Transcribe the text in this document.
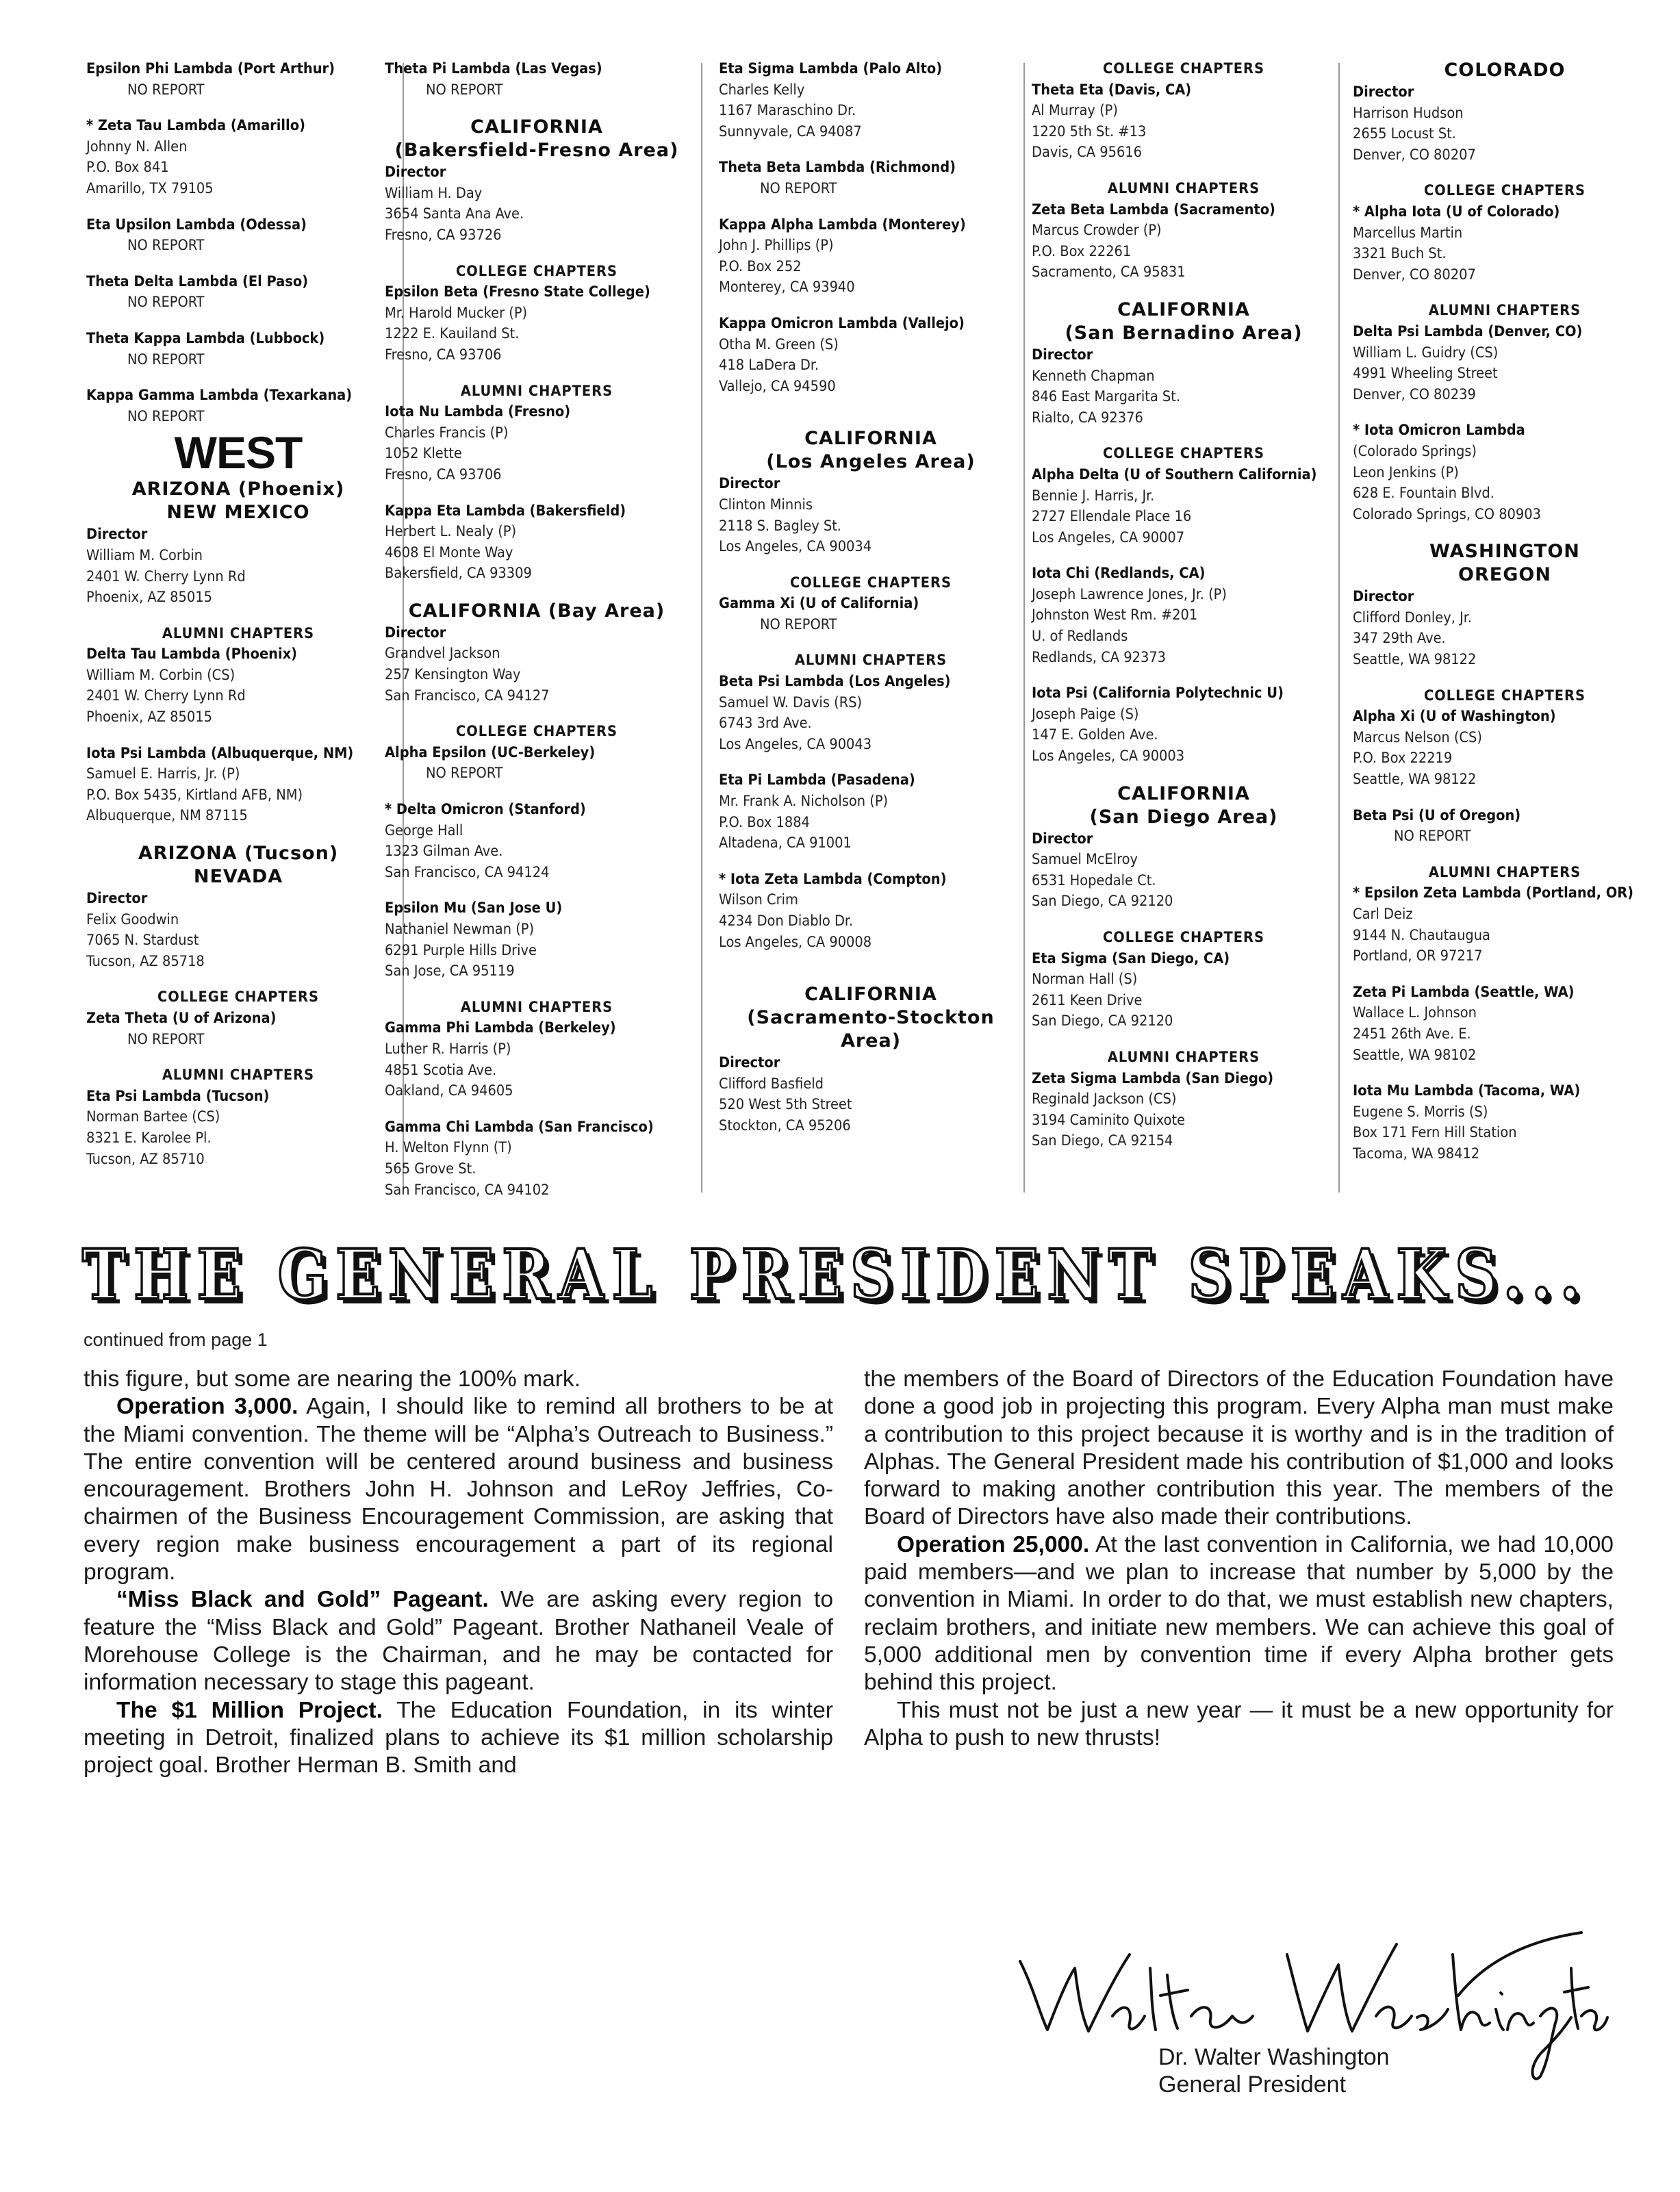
Epsilon Phi Lambda (Port Arthur)
NO REPORT
* Zeta Tau Lambda (Amarillo)
Johnny N. Allen
P.O. Box 841
Amarillo, TX 79105
Eta Upsilon Lambda (Odessa)
NO REPORT
Theta Delta Lambda (El Paso)
NO REPORT
Theta Kappa Lambda (Lubbock)
NO REPORT
Kappa Gamma Lambda (Texarkana)
NO REPORT
WEST
ARIZONA (Phoenix)
NEW MEXICO
Director
William M. Corbin
2401 W. Cherry Lynn Rd
Phoenix, AZ 85015
ALUMNI CHAPTERS
Delta Tau Lambda (Phoenix)
William M. Corbin (CS)
2401 W. Cherry Lynn Rd
Phoenix, AZ 85015
Iota Psi Lambda (Albuquerque, NM)
Samuel E. Harris, Jr. (P)
P.O. Box 5435, Kirtland AFB, NM)
Albuquerque, NM 87115
ARIZONA (Tucson)
NEVADA
Director
Felix Goodwin
7065 N. Stardust
Tucson, AZ 85718
COLLEGE CHAPTERS
Zeta Theta (U of Arizona)
NO REPORT
ALUMNI CHAPTERS
Eta Psi Lambda (Tucson)
Norman Bartee (CS)
8321 E. Karolee Pl.
Tucson, AZ 85710
Theta Pi Lambda (Las Vegas)
NO REPORT
CALIFORNIA
(Bakersfield-Fresno Area)
Director
William H. Day
3654 Santa Ana Ave.
Fresno, CA 93726
COLLEGE CHAPTERS
Epsilon Beta (Fresno State College)
Mr. Harold Mucker (P)
1222 E. Kauiland St.
Fresno, CA 93706
ALUMNI CHAPTERS
Iota Nu Lambda (Fresno)
Charles Francis (P)
1052 Klette
Fresno, CA 93706
Kappa Eta Lambda (Bakersfield)
Herbert L. Nealy (P)
4608 El Monte Way
Bakersfield, CA 93309
CALIFORNIA (Bay Area)
Director
Grandvel Jackson
257 Kensington Way
San Francisco, CA 94127
COLLEGE CHAPTERS
Alpha Epsilon (UC-Berkeley)
NO REPORT
* Delta Omicron (Stanford)
George Hall
1323 Gilman Ave.
San Francisco, CA 94124
Epsilon Mu (San Jose U)
Nathaniel Newman (P)
6291 Purple Hills Drive
San Jose, CA 95119
ALUMNI CHAPTERS
Gamma Phi Lambda (Berkeley)
Luther R. Harris (P)
4851 Scotia Ave.
Oakland, CA 94605
Gamma Chi Lambda (San Francisco)
H. Welton Flynn (T)
565 Grove St.
San Francisco, CA 94102
Eta Sigma Lambda (Palo Alto)
Charles Kelly
1167 Maraschino Dr.
Sunnyvale, CA 94087
Theta Beta Lambda (Richmond)
NO REPORT
Kappa Alpha Lambda (Monterey)
John J. Phillips (P)
P.O. Box 252
Monterey, CA 93940
Kappa Omicron Lambda (Vallejo)
Otha M. Green (S)
418 LaDera Dr.
Vallejo, CA 94590
CALIFORNIA
(Los Angeles Area)
Director
Clinton Minnis
2118 S. Bagley St.
Los Angeles, CA 90034
COLLEGE CHAPTERS
Gamma Xi (U of California)
NO REPORT
ALUMNI CHAPTERS
Beta Psi Lambda (Los Angeles)
Samuel W. Davis (RS)
6743 3rd Ave.
Los Angeles, CA 90043
Eta Pi Lambda (Pasadena)
Mr. Frank A. Nicholson (P)
P.O. Box 1884
Altadena, CA 91001
* Iota Zeta Lambda (Compton)
Wilson Crim
4234 Don Diablo Dr.
Los Angeles, CA 90008
CALIFORNIA
(Sacramento-Stockton
Area)
Director
Clifford Basfield
520 West 5th Street
Stockton, CA 95206
COLLEGE CHAPTERS
Theta Eta (Davis, CA)
Al Murray (P)
1220 5th St. #13
Davis, CA 95616
ALUMNI CHAPTERS
Zeta Beta Lambda (Sacramento)
Marcus Crowder (P)
P.O. Box 22261
Sacramento, CA 95831
CALIFORNIA
(San Bernadino Area)
Director
Kenneth Chapman
846 East Margarita St.
Rialto, CA 92376
COLLEGE CHAPTERS
Alpha Delta (U of Southern California)
Bennie J. Harris, Jr.
2727 Ellendale Place 16
Los Angeles, CA 90007
Iota Chi (Redlands, CA)
Joseph Lawrence Jones, Jr. (P)
Johnston West Rm. #201
U. of Redlands
Redlands, CA 92373
Iota Psi (California Polytechnic U)
Joseph Paige (S)
147 E. Golden Ave.
Los Angeles, CA 90003
CALIFORNIA
(San Diego Area)
Director
Samuel McElroy
6531 Hopedale Ct.
San Diego, CA 92120
COLLEGE CHAPTERS
Eta Sigma (San Diego, CA)
Norman Hall (S)
2611 Keen Drive
San Diego, CA 92120
ALUMNI CHAPTERS
Zeta Sigma Lambda (San Diego)
Reginald Jackson (CS)
3194 Caminito Quixote
San Diego, CA 92154
COLORADO
Director
Harrison Hudson
2655 Locust St.
Denver, CO 80207
COLLEGE CHAPTERS
* Alpha Iota (U of Colorado)
Marcellus Martin
3321 Buch St.
Denver, CO 80207
ALUMNI CHAPTERS
Delta Psi Lambda (Denver, CO)
William L. Guidry (CS)
4991 Wheeling Street
Denver, CO 80239
* Iota Omicron Lambda
(Colorado Springs)
Leon Jenkins (P)
628 E. Fountain Blvd.
Colorado Springs, CO 80903
WASHINGTON
OREGON
Director
Clifford Donley, Jr.
347 29th Ave.
Seattle, WA 98122
COLLEGE CHAPTERS
Alpha Xi (U of Washington)
Marcus Nelson (CS)
P.O. Box 22219
Seattle, WA 98122
Beta Psi (U of Oregon)
NO REPORT
ALUMNI CHAPTERS
* Epsilon Zeta Lambda (Portland, OR)
Carl Deiz
9144 N. Chautaugua
Portland, OR 97217
Zeta Pi Lambda (Seattle, WA)
Wallace L. Johnson
2451 26th Ave. E.
Seattle, WA 98102
Iota Mu Lambda (Tacoma, WA)
Eugene S. Morris (S)
Box 171 Fern Hill Station
Tacoma, WA 98412
THE GENERAL PRESIDENT SPEAKS...
THE GENERAL PRESIDENT SPEAKS...
continued from page 1

this figure, but some are nearing the 100% mark.

Operation 3,000. Again, I should like to remind all brothers to be at the Miami convention. The theme will be “Alpha’s Outreach to Business.” The entire convention will be centered around business and business encouragement. Brothers John H. Johnson and LeRoy Jeffries, Co-chairmen of the Business Encouragement Commission, are asking that every region make business encouragement a part of its regional program.

“Miss Black and Gold” Pageant. We are asking every region to feature the “Miss Black and Gold” Pageant. Brother Nathaneil Veale of Morehouse College is the Chairman, and he may be contacted for information necessary to stage this pageant.

The $1 Million Project. The Education Foundation, in its winter meeting in Detroit, finalized plans to achieve its $1 million scholarship project goal. Brother Herman B. Smith and

the members of the Board of Directors of the Education Foundation have done a good job in projecting this program. Every Alpha man must make a contribution to this project because it is worthy and is in the tradition of Alphas. The General President made his contribution of $1,000 and looks forward to making another contribution this year. The members of the Board of Directors have also made their contributions.

Operation 25,000. At the last convention in California, we had 10,000 paid members—and we plan to increase that number by 5,000 by the convention in Miami. In order to do that, we must establish new chapters, reclaim brothers, and initiate new members. We can achieve this goal of 5,000 additional men by convention time if every Alpha brother gets behind this project.

This must not be just a new year — it must be a new opportunity for Alpha to push to new thrusts!

Dr. Walter Washington
General President
